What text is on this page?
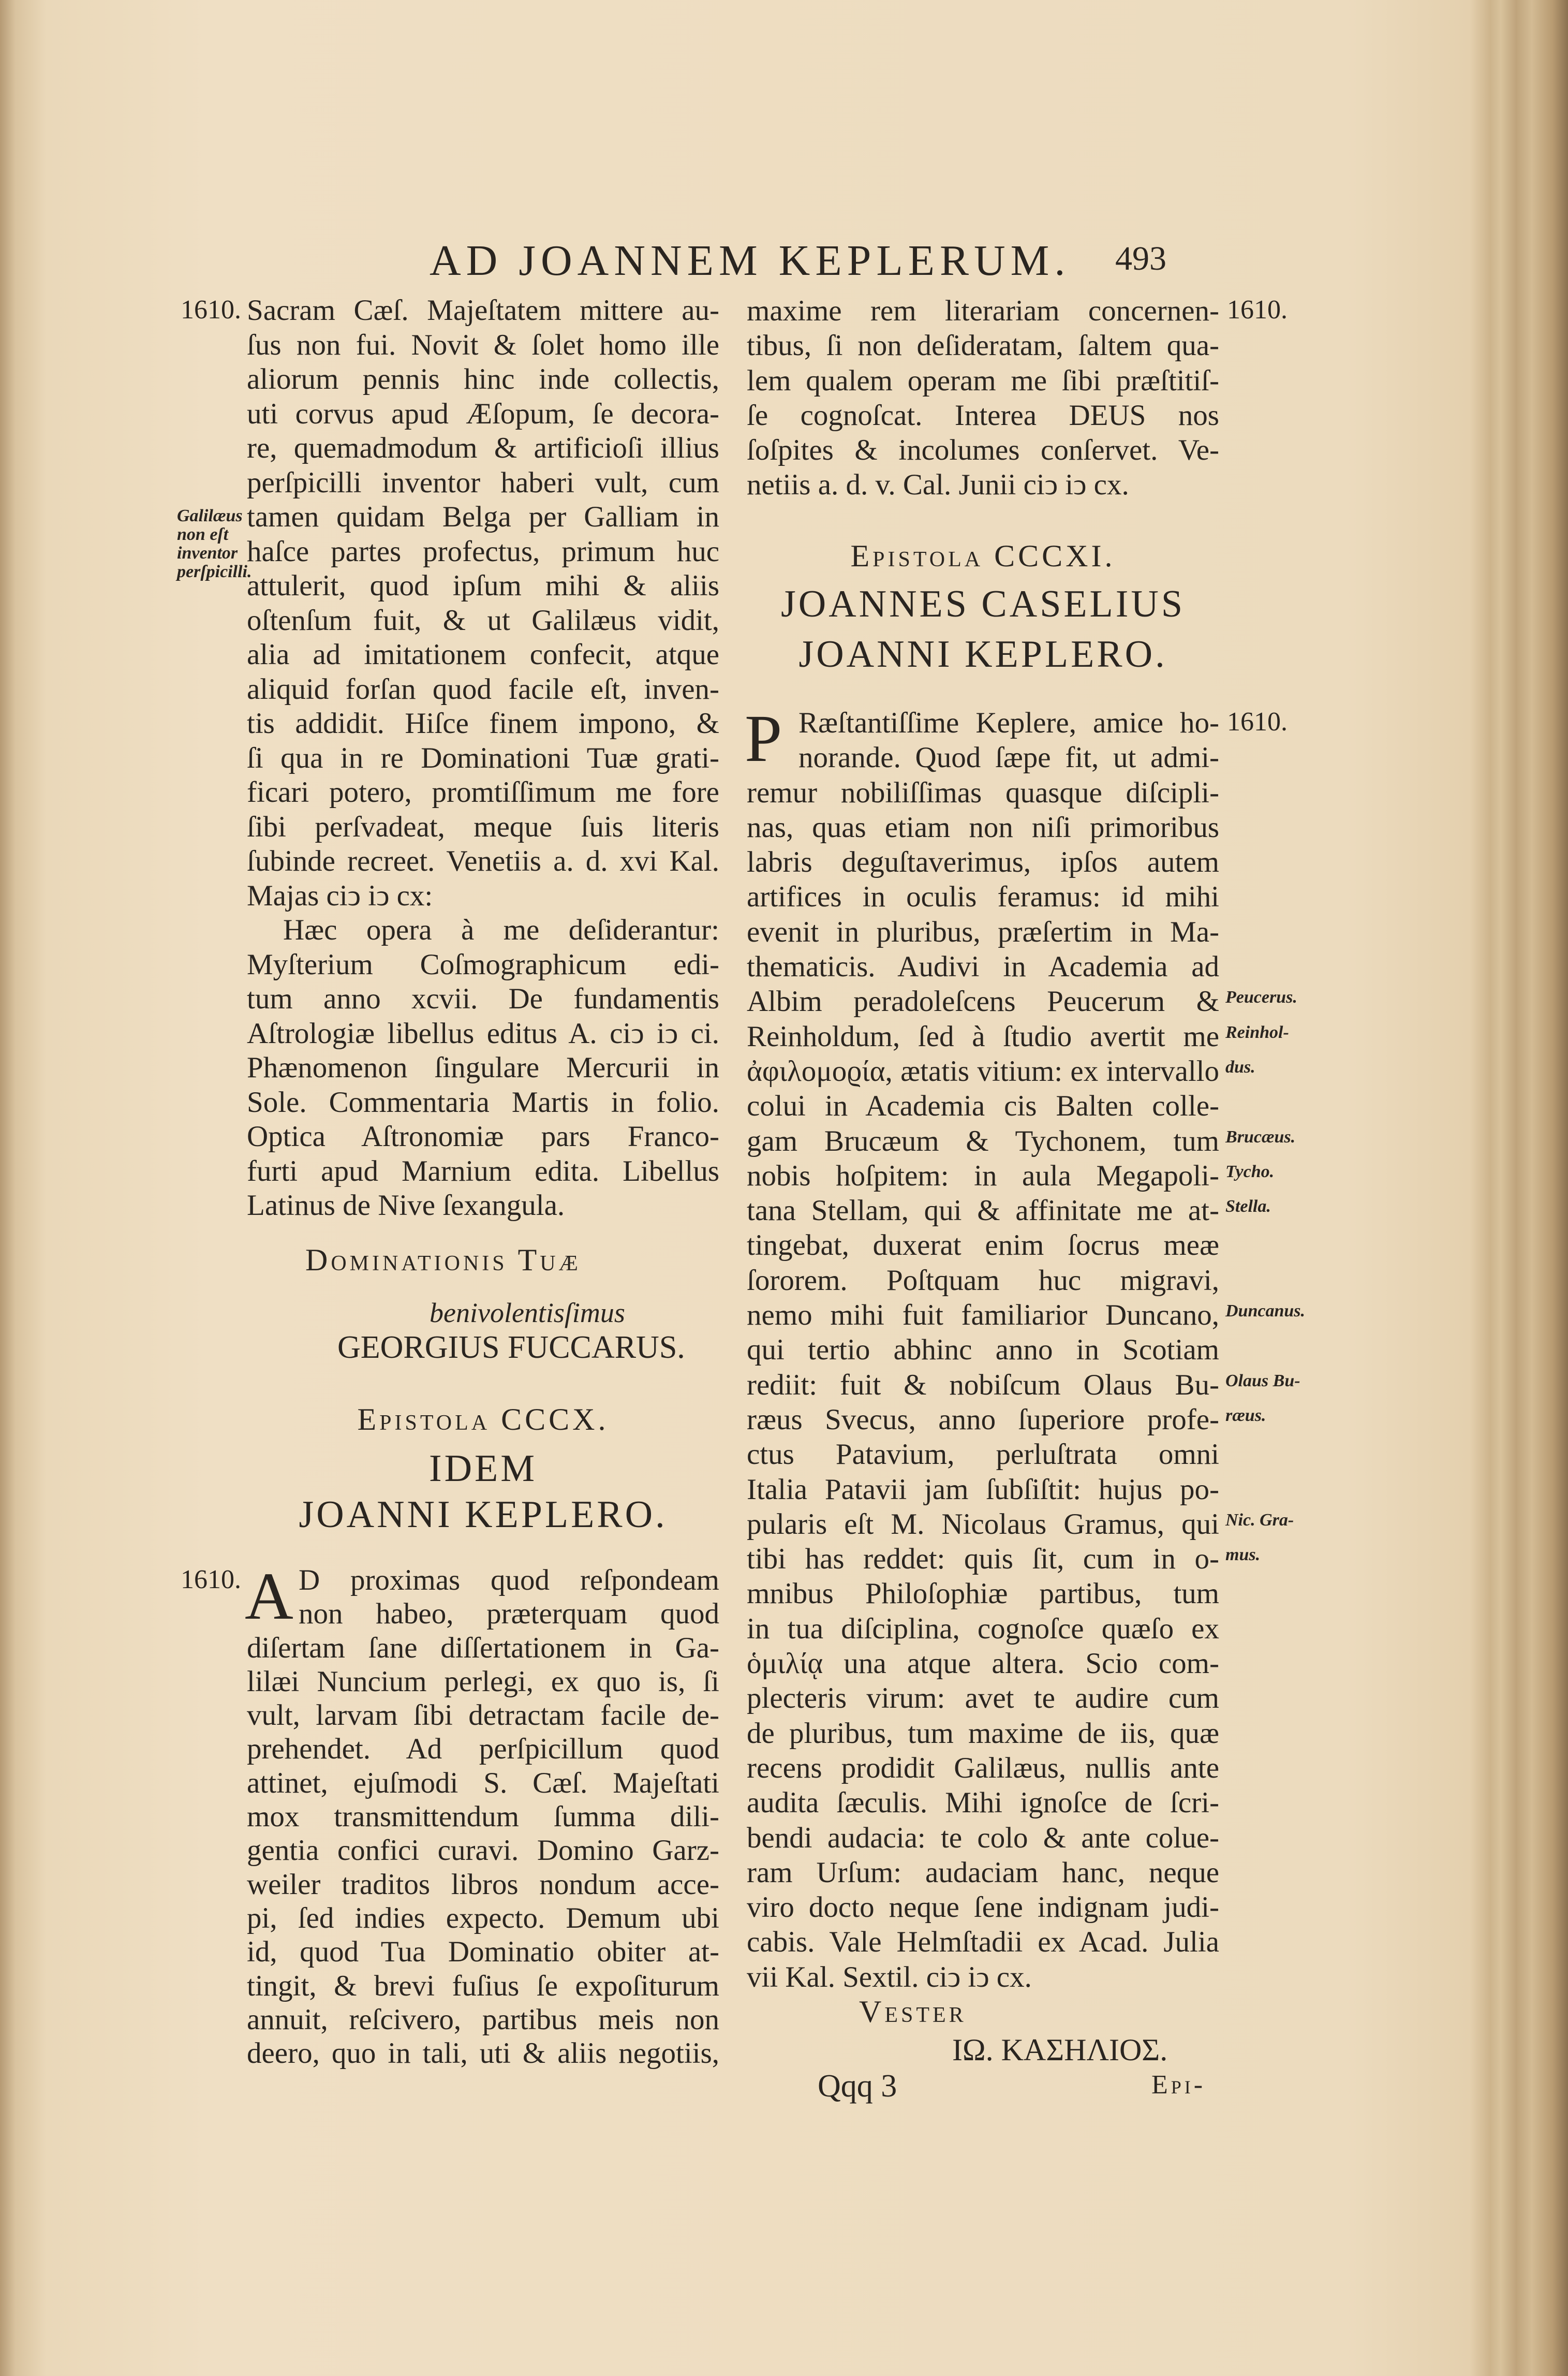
AD JOANNEM KEPLERUM. 493
1610.
Galilæus non eſt inventor perſpicilli.
Sacram Cæſ. Majeſtatem mittere au-
ſus non fui. Novit & ſolet homo ille
aliorum pennis hinc inde collectis,
uti corvus apud Æſopum, ſe decora-
re, quemadmodum & artificioſi illius
perſpicilli inventor haberi vult, cum
tamen quidam Belga per Galliam in
haſce partes profectus, primum huc
attulerit, quod ipſum mihi & aliis
oſtenſum fuit, & ut Galilæus vidit,
alia ad imitationem confecit, atque
aliquid forſan quod facile eſt, inven-
tis addidit. Hiſce finem impono, &
ſi qua in re Dominationi Tuæ grati-
ficari potero, promtiſſimum me fore
ſibi perſvadeat, meque ſuis literis
ſubinde recreet. Venetiis a. d. xvi Kal.
Majas ciↄ iↄ cx:
Hæc opera à me deſiderantur:
Myſterium Coſmographicum edi-
tum anno xcvii. De fundamentis
Aſtrologiæ libellus editus A. ciↄ iↄ ci.
Phænomenon ſingulare Mercurii in
Sole. Commentaria Martis in folio.
Optica Aſtronomiæ pars Franco-
furti apud Marnium edita. Libellus
Latinus de Nive ſexangula.
Dominationis Tuæ
benivolentisſimus
GEORGIUS FUCCARUS.
Epistola CCCX.
IDEM
JOANNI KEPLERO.
1610. A D proximas quod reſpondeam
non habeo, præterquam quod
diſertam ſane diſſertationem in Ga-
lilæi Nuncium perlegi, ex quo is, ſi
vult, larvam ſibi detractam facile de-
prehendet. Ad perſpicillum quod
attinet, ejuſmodi S. Cæſ. Majeſtati
mox transmittendum ſumma dili-
gentia confici curavi. Domino Garz-
weiler traditos libros nondum acce-
pi, ſed indies expecto. Demum ubi
id, quod Tua Dominatio obiter at-
tingit, & brevi fuſius ſe expoſiturum
annuit, reſcivero, partibus meis non
deero, quo in tali, uti & aliis negotiis,
1610.
maxime rem literariam concernen-
tibus, ſi non deſideratam, ſaltem qua-
lem qualem operam me ſibi præſtitiſ-
ſe cognoſcat. Interea DEUS nos
ſoſpites & incolumes conſervet. Ve-
netiis a. d. v. Cal. Junii ciↄ iↄ cx.
Epistola CCCXI.
JOANNES CASELIUS
JOANNI KEPLERO.
1610.
P Ræſtantiſſime Keplere, amice ho-
norande. Quod ſæpe fit, ut admi-
remur nobiliſſimas quasque diſcipli-
nas, quas etiam non niſi primoribus
labris deguſtaverimus, ipſos autem
artifices in oculis feramus: id mihi
evenit in pluribus, præſertim in Ma-
thematicis. Audivi in Academia ad
Albim peradoleſcens Peucerum & Peucerus.
Reinholdum, ſed à ſtudio avertit me Reinhol-
ἀφιλομοϱία, ætatis vitium: ex intervallo dus.
colui in Academia cis Balten colle-
gam Brucæum & Tychonem, tum Brucæus.
nobis hoſpitem: in aula Megapoli- Tycho.
tana Stellam, qui & affinitate me at- Stella.
tingebat, duxerat enim ſocrus meæ
ſororem. Poſtquam huc migravi,
nemo mihi fuit familiarior Duncano, Duncanus.
qui tertio abhinc anno in Scotiam
rediit: fuit & nobiſcum Olaus Bu- Olaus Bu-
ræus Svecus, anno ſuperiore profe- ræus.
ctus Patavium, perluſtrata omni
Italia Patavii jam ſubſiſtit: hujus po-
pularis eſt M. Nicolaus Gramus, qui Nic. Gra-
tibi has reddet: quis ſit, cum in o- mus.
mnibus Philoſophiæ partibus, tum
in tua diſciplina, cognoſce quæſo ex
ὁμιλίᾳ una atque altera. Scio com-
plecteris virum: avet te audire cum
de pluribus, tum maxime de iis, quæ
recens prodidit Galilæus, nullis ante
audita ſæculis. Mihi ignoſce de ſcri-
bendi audacia: te colo & ante colue-
ram Urſum: audaciam hanc, neque
viro docto neque ſene indignam judi-
cabis. Vale Helmſtadii ex Acad. Julia
vii Kal. Sextil. ciↄ iↄ cx.
Vester
IΩ. ΚΑΣΗΛΙΟΣ.
Qqq 3	Epi-
